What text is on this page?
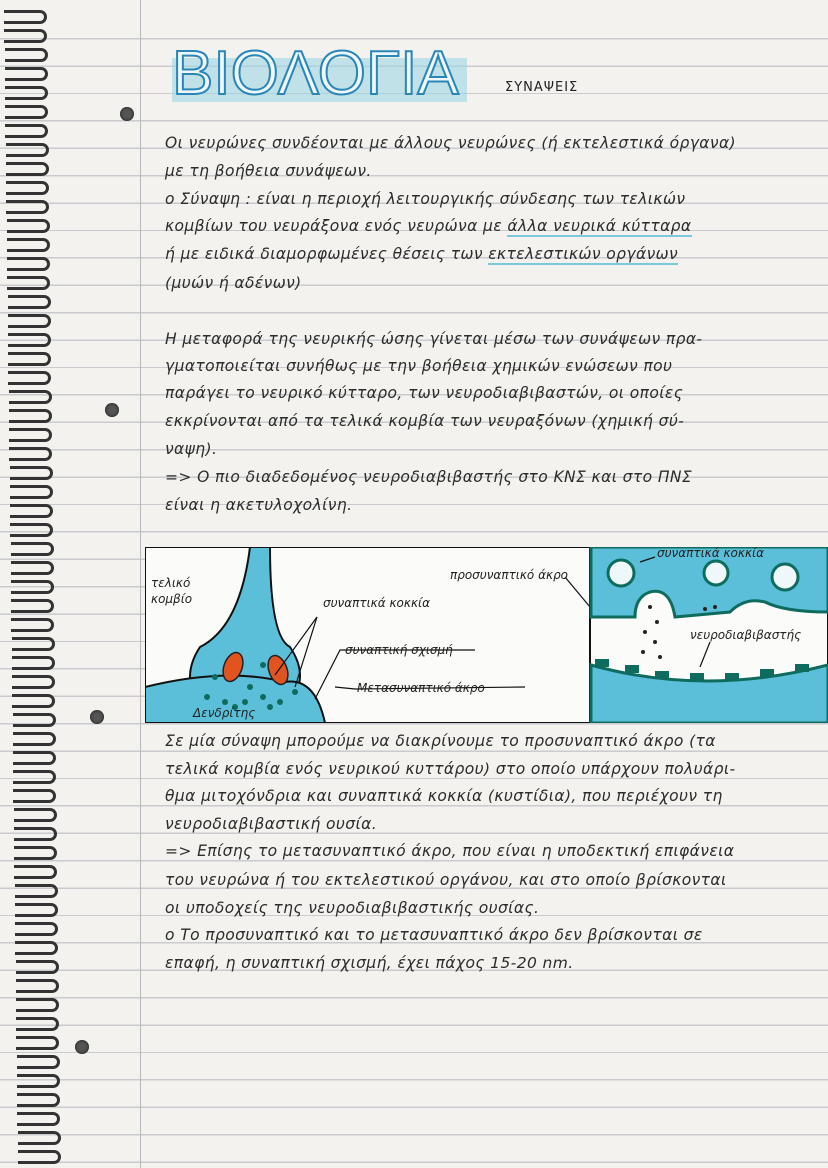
ΒΙΟΛΟΓΙΑ	ΣΥΝΑΨΕΙΣ
Οι νευρώνες συνδέονται με άλλους νευρώνες (ή εκτελεστικά όργανα)
με τη βοήθεια συνάψεων.
ο Σύναψη : είναι η περιοχή λειτουργικής σύνδεσης των τελικών
κομβίων του νευράξονα ενός νευρώνα με άλλα νευρικά κύτταρα
ή με ειδικά διαμορφωμένες θέσεις των εκτελεστικών οργάνων
(μυών ή αδένων)
Η μεταφορά της νευρικής ώσης γίνεται μέσω των συνάψεων πρα-
γματοποιείται συνήθως με την βοήθεια χημικών ενώσεων που
παράγει το νευρικό κύτταρο, των νευροδιαβιβαστών, οι οποίες
εκκρίνονται από τα τελικά κομβία των νευραξόνων (χημική σύ-
ναψη).
=> Ο πιο διαδεδομένος νευροδιαβιβαστής στο ΚΝΣ και στο ΠΝΣ
είναι η ακετυλοχολίνη.
τελικό
κομβίο	συναπτικά κοκκία
συναπτική σχισμή
Μετασυναπτικό άκρο
Δενδρίτης
προσυναπτικό άκρο
συναπτικά κοκκία
νευροδιαβιβαστής
Σε μία σύναψη μπορούμε να διακρίνουμε το προσυναπτικό άκρο (τα
τελικά κομβία ενός νευρικού κυττάρου) στο οποίο υπάρχουν πολυάρι-
θμα μιτοχόνδρια και συναπτικά κοκκία (κυστίδια), που περιέχουν τη
νευροδιαβιβαστική ουσία.
=> Επίσης το μετασυναπτικό άκρο, που είναι η υποδεκτική επιφάνεια
του νευρώνα ή του εκτελεστικού οργάνου, και στο οποίο βρίσκονται
οι υποδοχείς της νευροδιαβιβαστικής ουσίας.
ο Το προσυναπτικό και το μετασυναπτικό άκρο δεν βρίσκονται σε
επαφή, η συναπτική σχισμή, έχει πάχος 15-20 nm.
